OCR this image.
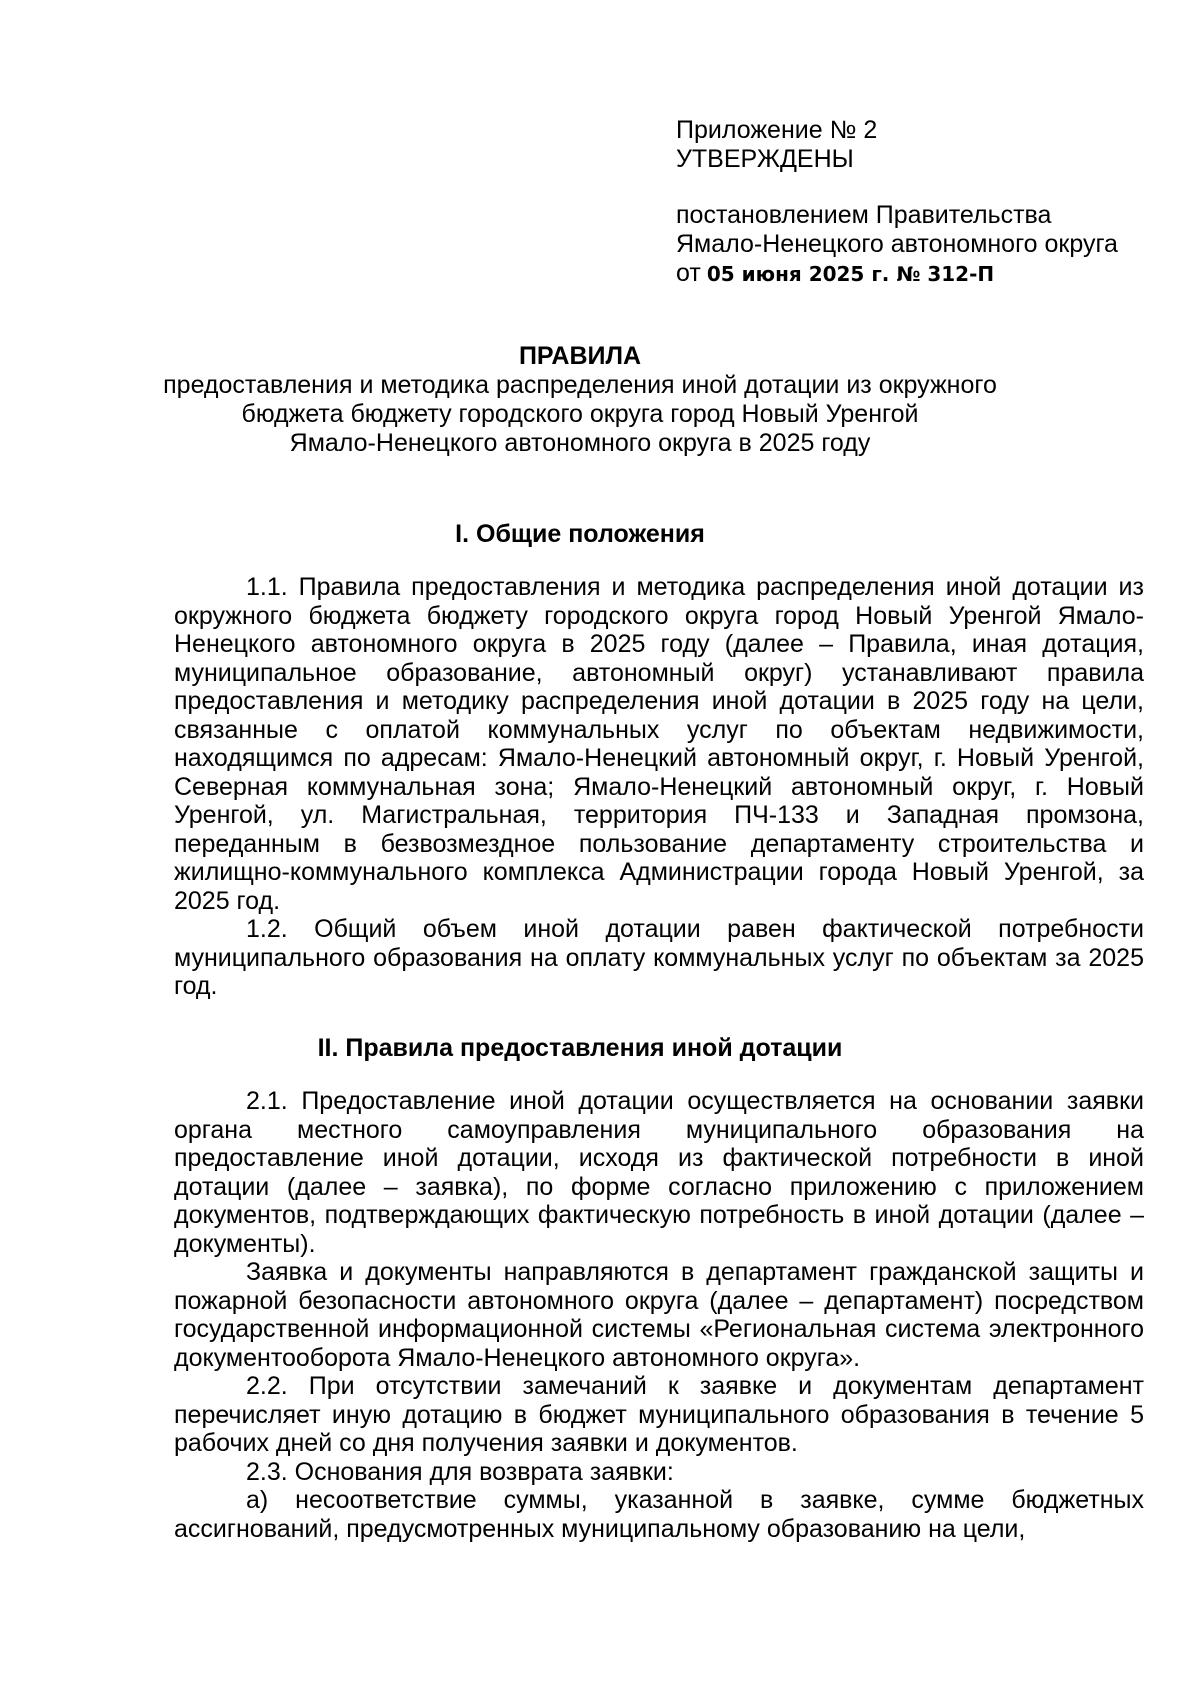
Приложение № 2
УТВЕРЖДЕНЫ
постановлением Правительства
Ямало-Ненецкого автономного округа
от 05 июня 2025 г. № 312-П
ПРАВИЛА
предоставления и методика распределения иной дотации из окружного
бюджета бюджету городского округа город Новый Уренгой
Ямало-Ненецкого автономного округа в 2025 году
I. Общие положения

1.1. Правила предоставления и методика распределения иной дотации из окружного бюджета бюджету городского округа город Новый Уренгой Ямало-Ненецкого автономного округа в 2025 году (далее – Правила, иная дотация, муниципальное образование, автономный округ) устанавливают правила предоставления и методику распределения иной дотации в 2025 году на цели, связанные с оплатой коммунальных услуг по объектам недвижимости, находящимся по адресам: Ямало-Ненецкий автономный округ, г. Новый Уренгой, Северная коммунальная зона; Ямало-Ненецкий автономный округ, г. Новый Уренгой, ул. Магистральная, территория ПЧ-133 и Западная промзона, переданным в безвозмездное пользование департаменту строительства и жилищно-коммунального комплекса Администрации города Новый Уренгой, за 2025 год.

1.2. Общий объем иной дотации равен фактической потребности муниципального образования на оплату коммунальных услуг по объектам за 2025 год.

II. Правила предоставления иной дотации

2.1. Предоставление иной дотации осуществляется на основании заявки органа местного самоуправления муниципального образования на предоставление иной дотации, исходя из фактической потребности в иной дотации (далее – заявка), по форме согласно приложению с приложением документов, подтверждающих фактическую потребность в иной дотации (далее – документы).

Заявка и документы направляются в департамент гражданской защиты и пожарной безопасности автономного округа (далее – департамент) посредством государственной информационной системы «Региональная система электронного документооборота Ямало-Ненецкого автономного округа».

2.2. При отсутствии замечаний к заявке и документам департамент перечисляет иную дотацию в бюджет муниципального образования в течение 5 рабочих дней со дня получения заявки и документов.

2.3. Основания для возврата заявки:

а) несоответствие суммы, указанной в заявке, сумме бюджетных ассигнований, предусмотренных муниципальному образованию на цели,
